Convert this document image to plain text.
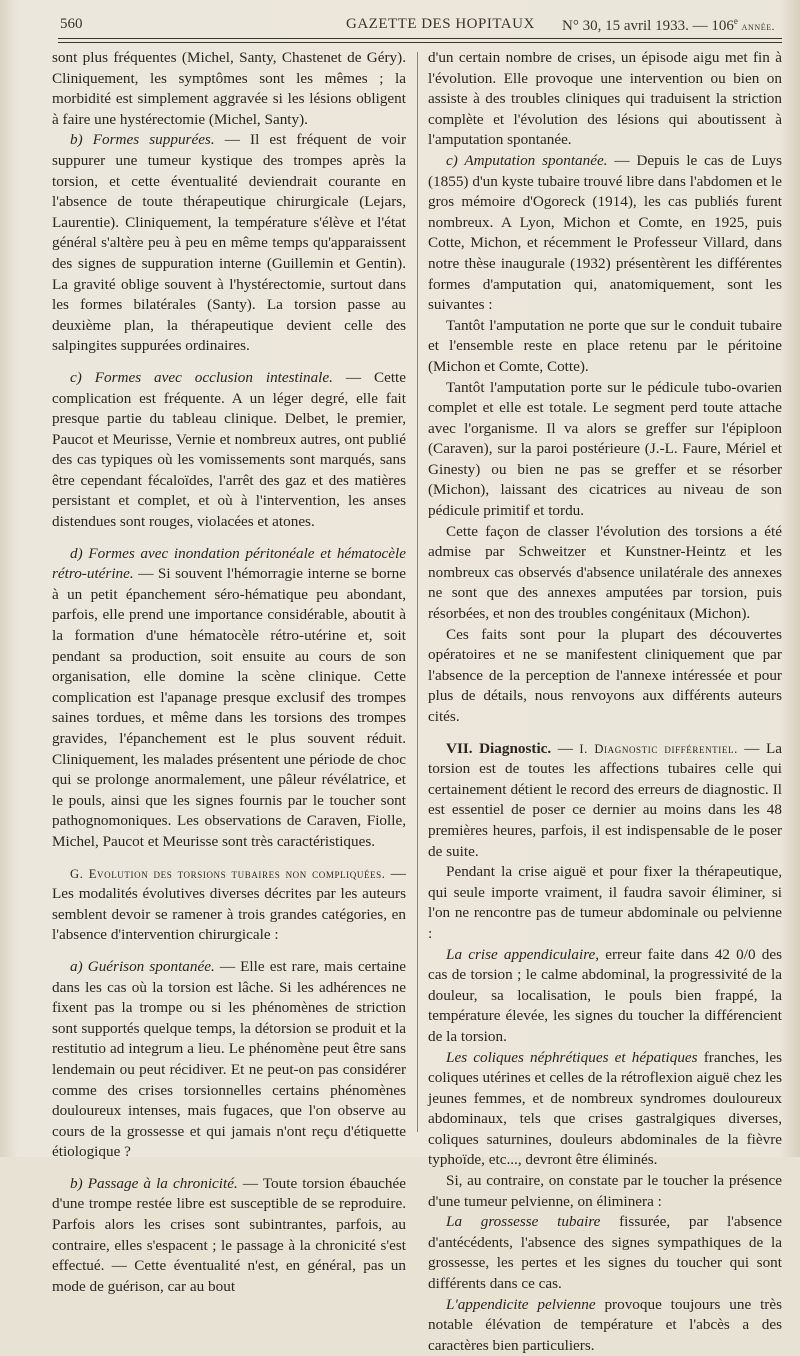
560	GAZETTE DES HOPITAUX N° 30, 15 avril 1933. — 106e année.

sont plus fréquentes (Michel, Santy, Chastenet de Géry). Cliniquement, les symptômes sont les mêmes ; la morbidité est simplement aggravée si les lésions obligent à faire une hystérectomie (Michel, Santy).

b) Formes suppurées. — Il est fréquent de voir suppurer une tumeur kystique des trompes après la torsion, et cette éventualité deviendrait courante en l'absence de toute thérapeutique chirurgicale (Lejars, Laurentie). Cliniquement, la température s'élève et l'état général s'altère peu à peu en même temps qu'apparaissent des signes de suppuration interne (Guillemin et Gentin). La gravité oblige souvent à l'hystérectomie, surtout dans les formes bilatérales (Santy). La torsion passe au deuxième plan, la thérapeutique devient celle des salpingites suppurées ordinaires.

c) Formes avec occlusion intestinale. — Cette complication est fréquente. A un léger degré, elle fait presque partie du tableau clinique. Delbet, le premier, Paucot et Meurisse, Vernie et nombreux autres, ont publié des cas typiques où les vomissements sont marqués, sans être cependant fécaloïdes, l'arrêt des gaz et des matières persistant et complet, et où à l'intervention, les anses distendues sont rouges, violacées et atones.

d) Formes avec inondation péritonéale et hématocèle rétro-utérine. — Si souvent l'hémorragie interne se borne à un petit épanchement séro-hématique peu abondant, parfois, elle prend une importance considérable, aboutit à la formation d'une hématocèle rétro-utérine et, soit pendant sa production, soit ensuite au cours de son organisation, elle domine la scène clinique. Cette complication est l'apanage presque exclusif des trompes saines tordues, et même dans les torsions des trompes gravides, l'épanchement est le plus souvent réduit. Cliniquement, les malades présentent une période de choc qui se prolonge anormalement, une pâleur révélatrice, et le pouls, ainsi que les signes fournis par le toucher sont pathognomoniques. Les observations de Caraven, Fiolle, Michel, Paucot et Meurisse sont très caractéristiques.

G. Evolution des torsions tubaires non compliquées. — Les modalités évolutives diverses décrites par les auteurs semblent devoir se ramener à trois grandes catégories, en l'absence d'intervention chirurgicale :

a) Guérison spontanée. — Elle est rare, mais certaine dans les cas où la torsion est lâche. Si les adhérences ne fixent pas la trompe ou si les phénomènes de striction sont supportés quelque temps, la détorsion se produit et la restitutio ad integrum a lieu. Le phénomène peut être sans lendemain ou peut récidiver. Et ne peut-on pas considérer comme des crises torsionnelles certains phénomènes douloureux intenses, mais fugaces, que l'on observe au cours de la grossesse et qui jamais n'ont reçu d'étiquette étiologique ?

b) Passage à la chronicité. — Toute torsion ébauchée d'une trompe restée libre est susceptible de se reproduire. Parfois alors les crises sont subintrantes, parfois, au contraire, elles s'espacent ; le passage à la chronicité s'est effectué. — Cette éventualité n'est, en général, pas un mode de guérison, car au bout

d'un certain nombre de crises, un épisode aigu met fin à l'évolution. Elle provoque une intervention ou bien on assiste à des troubles cliniques qui traduisent la striction complète et l'évolution des lésions qui aboutissent à l'amputation spontanée.

c) Amputation spontanée. — Depuis le cas de Luys (1855) d'un kyste tubaire trouvé libre dans l'abdomen et le gros mémoire d'Ogoreck (1914), les cas publiés furent nombreux. A Lyon, Michon et Comte, en 1925, puis Cotte, Michon, et récemment le Professeur Villard, dans notre thèse inaugurale (1932) présentèrent les différentes formes d'amputation qui, anatomiquement, sont les suivantes :

Tantôt l'amputation ne porte que sur le conduit tubaire et l'ensemble reste en place retenu par le péritoine (Michon et Comte, Cotte).

Tantôt l'amputation porte sur le pédicule tubo-ovarien complet et elle est totale. Le segment perd toute attache avec l'organisme. Il va alors se greffer sur l'épiploon (Caraven), sur la paroi postérieure (J.-L. Faure, Mériel et Ginesty) ou bien ne pas se greffer et se résorber (Michon), laissant des cicatrices au niveau de son pédicule primitif et tordu.

Cette façon de classer l'évolution des torsions a été admise par Schweitzer et Kunstner-Heintz et les nombreux cas observés d'absence unilatérale des annexes ne sont que des annexes amputées par torsion, puis résorbées, et non des troubles congénitaux (Michon).

Ces faits sont pour la plupart des découvertes opératoires et ne se manifestent cliniquement que par l'absence de la perception de l'annexe intéressée et pour plus de détails, nous renvoyons aux différents auteurs cités.

VII. Diagnostic. — I. Diagnostic différentiel. — La torsion est de toutes les affections tubaires celle qui certainement détient le record des erreurs de diagnostic. Il est essentiel de poser ce dernier au moins dans les 48 premières heures, parfois, il est indispensable de le poser de suite.

Pendant la crise aiguë et pour fixer la thérapeutique, qui seule importe vraiment, il faudra savoir éliminer, si l'on ne rencontre pas de tumeur abdominale ou pelvienne :

La crise appendiculaire, erreur faite dans 42 0/0 des cas de torsion ; le calme abdominal, la progressivité de la douleur, sa localisation, le pouls bien frappé, la température élevée, les signes du toucher la différencient de la torsion.

Les coliques néphrétiques et hépatiques franches, les coliques utérines et celles de la rétroflexion aiguë chez les jeunes femmes, et de nombreux syndromes douloureux abdominaux, tels que crises gastralgiques diverses, coliques saturnines, douleurs abdominales de la fièvre typhoïde, etc..., devront être éliminés.

Si, au contraire, on constate par le toucher la présence d'une tumeur pelvienne, on éliminera :

La grossesse tubaire fissurée, par l'absence d'antécédents, l'absence des signes sympathiques de la grossesse, les pertes et les signes du toucher qui sont différents dans ce cas.

L'appendicite pelvienne provoque toujours une très notable élévation de température et l'abcès a des caractères bien particuliers.
